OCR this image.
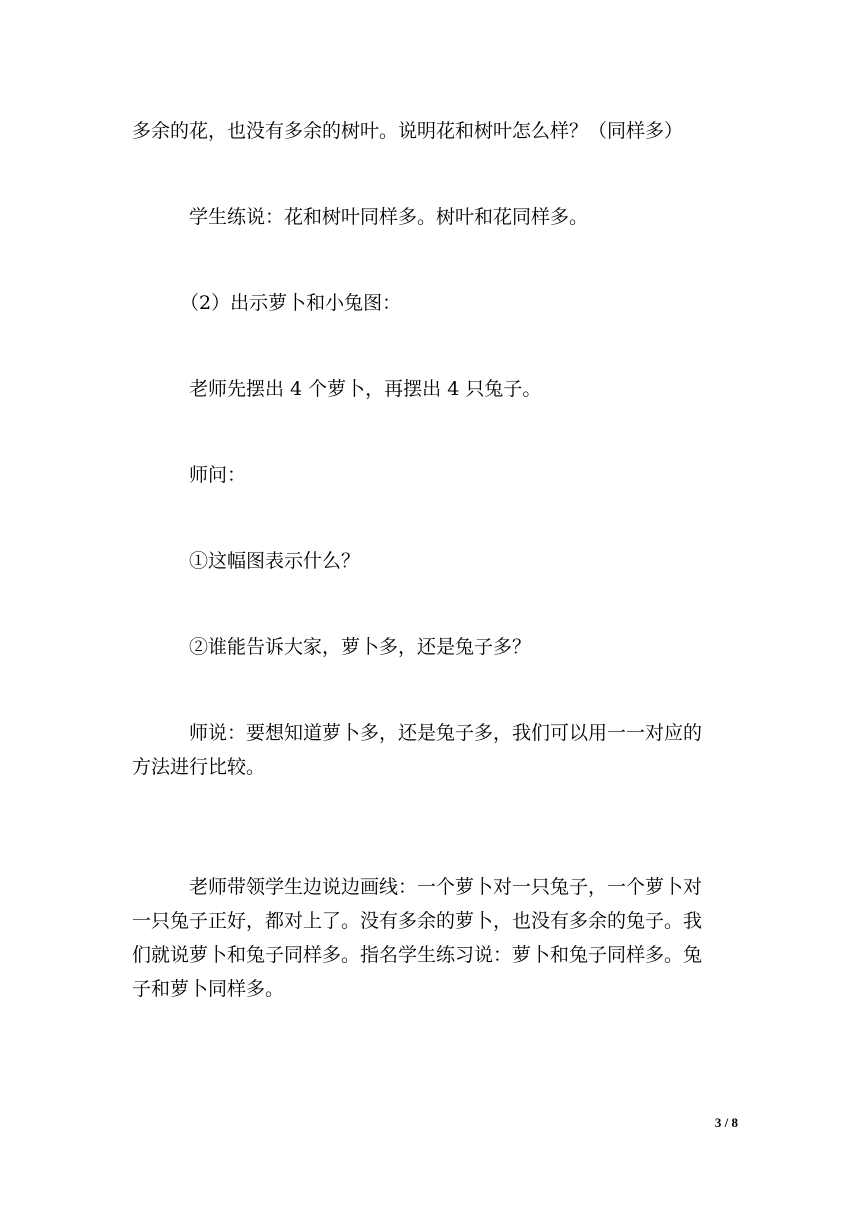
多余的花，也没有多余的树叶。说明花和树叶怎么样？（同样多）

学生练说：花和树叶同样多。树叶和花同样多。

（2）出示萝卜和小兔图：

老师先摆出 4 个萝卜，再摆出 4 只兔子。

师问：

①这幅图表示什么？

②谁能告诉大家，萝卜多，还是兔子多？

师说：要想知道萝卜多，还是兔子多，我们可以用一一对应的
方法进行比较。

老师带领学生边说边画线：一个萝卜对一只兔子，一个萝卜对
一只兔子正好，都对上了。没有多余的萝卜，也没有多余的兔子。我
们就说萝卜和兔子同样多。指名学生练习说：萝卜和兔子同样多。兔
子和萝卜同样多。

3 / 8
